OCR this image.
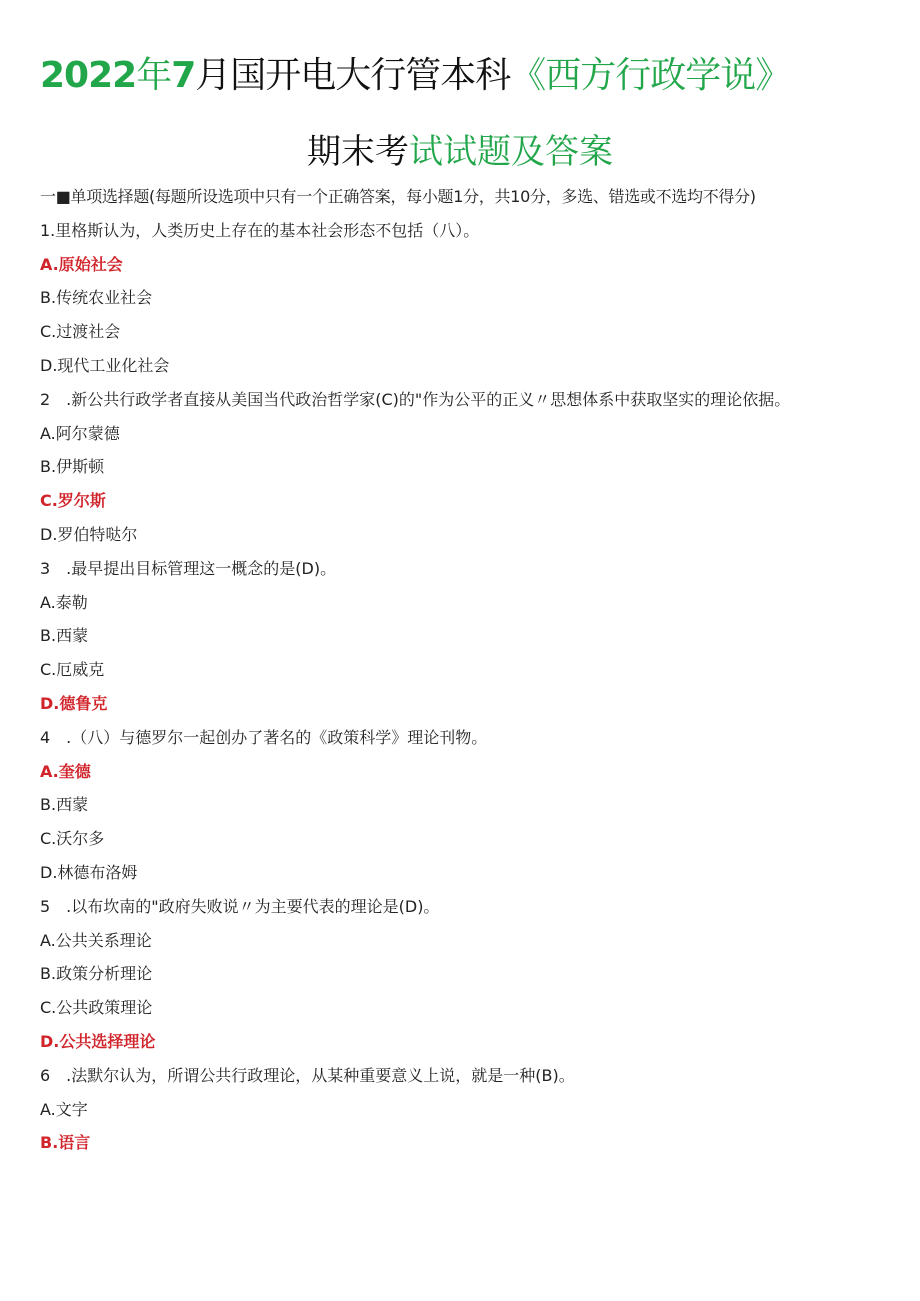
2022年7月国开电大行管本科《西方行政学说》
期末考试试题及答案
一■单项选择题(每题所设选项中只有一个正确答案，每小题1分，共10分，多选、错选或不选均不得分)
1.里格斯认为，人类历史上存在的基本社会形态不包括（八）。
A.原始社会
B.传统农业社会
C.过渡社会
D.现代工业化社会
2　.新公共行政学者直接从美国当代政治哲学家(C)的"作为公平的正义〃思想体系中获取坚实的理论依据。
A.阿尔蒙德
B.伊斯顿
C.罗尔斯
D.罗伯特哒尔
3　.最早提出目标管理这一概念的是(D)。
A.泰勒
B.西蒙
C.厄威克
D.德鲁克
4　.（八）与德罗尔一起创办了著名的《政策科学》理论刊物。
A.奎德
B.西蒙
C.沃尔多
D.林德布洛姆
5　.以布坎南的"政府失败说〃为主要代表的理论是(D)。
A.公共关系理论
B.政策分析理论
C.公共政策理论
D.公共选择理论
6　.法默尔认为，所谓公共行政理论，从某种重要意义上说，就是一种(B)。
A.文字
B.语言
